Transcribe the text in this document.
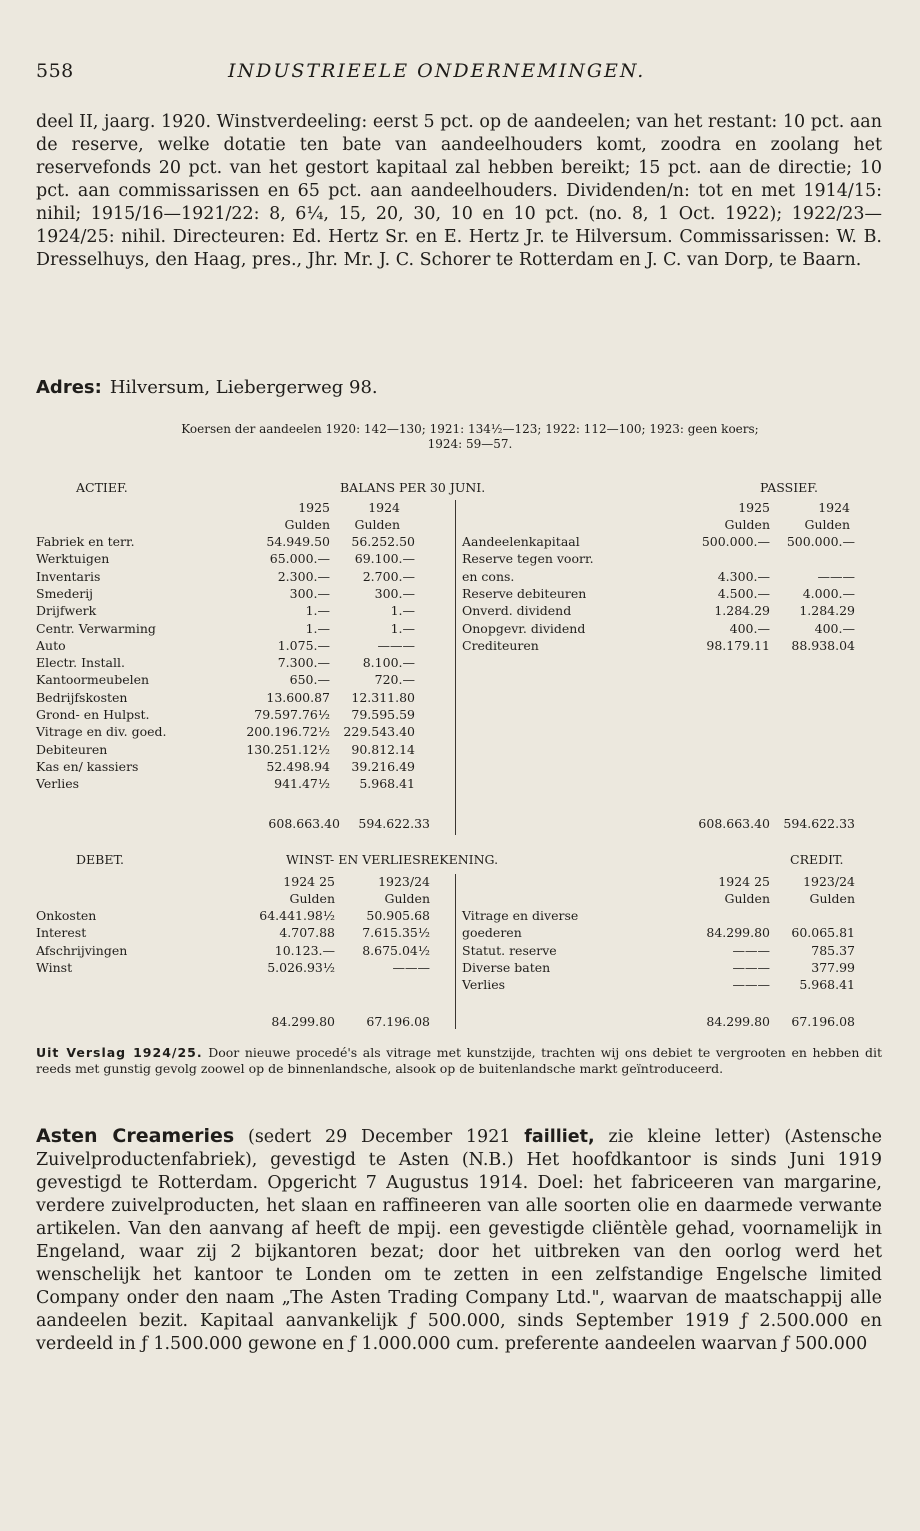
558	INDUSTRIEELE ONDERNEMINGEN.
deel II, jaarg. 1920. Winstverdeeling: eerst 5 pct. op de aandeelen; van het restant: 10 pct. aan de reserve, welke dotatie ten bate van aandeelhouders komt, zoodra en zoolang het reservefonds 20 pct. van het gestort kapitaal zal hebben bereikt; 15 pct. aan de directie; 10 pct. aan commissarissen en 65 pct. aan aandeelhouders. Dividenden/n: tot en met 1914/15: nihil; 1915/16—1921/22: 8, 6¼, 15, 20, 30, 10 en 10 pct. (no. 8, 1 Oct. 1922); 1922/23—1924/25: nihil. Directeuren: Ed. Hertz Sr. en E. Hertz Jr. te Hilversum. Commissarissen: W. B. Dresselhuys, den Haag, pres., Jhr. Mr. J. C. Schorer te Rotterdam en J. C. van Dorp, te Baarn.
Adres: Hilversum, Liebergerweg 98.
Koersen der aandeelen 1920: 142—130; 1921: 134½—123; 1922: 112—100; 1923: geen koers;
1924: 59—57.
ACTIEF.	BALANS PER 30 JUNI.	PASSIEF.
1925	1924
Gulden	Gulden
1925	1924
Gulden	Gulden
Fabriek en terr.	54.949.50	56.252.50
Werktuigen	65.000.—	69.100.—
Inventaris	2.300.—	2.700.—
Smederij	300.—	300.—
Drijfwerk	1.—	1.—
Centr. Verwarming	1.—	1.—
Auto	1.075.—	———
Electr. Install.	7.300.—	8.100.—
Kantoormeubelen	650.—	720.—
Bedrijfskosten	13.600.87	12.311.80
Grond- en Hulpst.	79.597.76½	79.595.59
Vitrage en div. goed.	200.196.72½	229.543.40
Debiteuren	130.251.12½	90.812.14
Kas en/ kassiers	52.498.94	39.216.49
Verlies	941.47½	5.968.41
Aandeelenkapitaal	500.000.—	500.000.—
Reserve tegen voorr.
en cons.	4.300.—	———
Reserve debiteuren	4.500.—	4.000.—
Onverd. dividend	1.284.29	1.284.29
Onopgevr. dividend	400.—	400.—
Crediteuren	98.179.11	88.938.04
608.663.40	594.622.33	608.663.40	594.622.33
DEBET.	WINST- EN VERLIESREKENING.	CREDIT.
1924 25	1923/24
Gulden	Gulden
1924 25	1923/24
Gulden	Gulden
Onkosten	64.441.98½	50.905.68
Interest	4.707.88	7.615.35½
Afschrijvingen	10.123.—	8.675.04½
Winst	5.026.93½	———
Vitrage en diverse
goederen	84.299.80	60.065.81
Statut. reserve	———	785.37
Diverse baten	———	377.99
Verlies	———	5.968.41
84.299.80	67.196.08	84.299.80	67.196.08
Uit Verslag 1924/25. Door nieuwe procedé's als vitrage met kunstzijde, trachten wij ons debiet te vergrooten en hebben dit reeds met gunstig gevolg zoowel op de binnenlandsche, alsook op de buitenlandsche markt geïntroduceerd.
Asten Creameries (sedert 29 December 1921 failliet, zie kleine letter) (Astensche Zuivelproductenfabriek), gevestigd te Asten (N.B.) Het hoofdkantoor is sinds Juni 1919 gevestigd te Rotterdam. Opgericht 7 Augustus 1914. Doel: het fabriceeren van margarine, verdere zuivelproducten, het slaan en raffineeren van alle soorten olie en daarmede verwante artikelen. Van den aanvang af heeft de mpij. een gevestigde cliëntèle gehad, voornamelijk in Engeland, waar zij 2 bijkantoren bezat; door het uitbreken van den oorlog werd het wenschelijk het kantoor te Londen om te zetten in een zelfstandige Engelsche limited Company onder den naam „The Asten Trading Company Ltd.", waarvan de maatschappij alle aandeelen bezit. Kapitaal aanvankelijk ƒ 500.000, sinds September 1919 ƒ 2.500.000 en verdeeld in ƒ 1.500.000 gewone en ƒ 1.000.000 cum. preferente aandeelen waarvan ƒ 500.000
